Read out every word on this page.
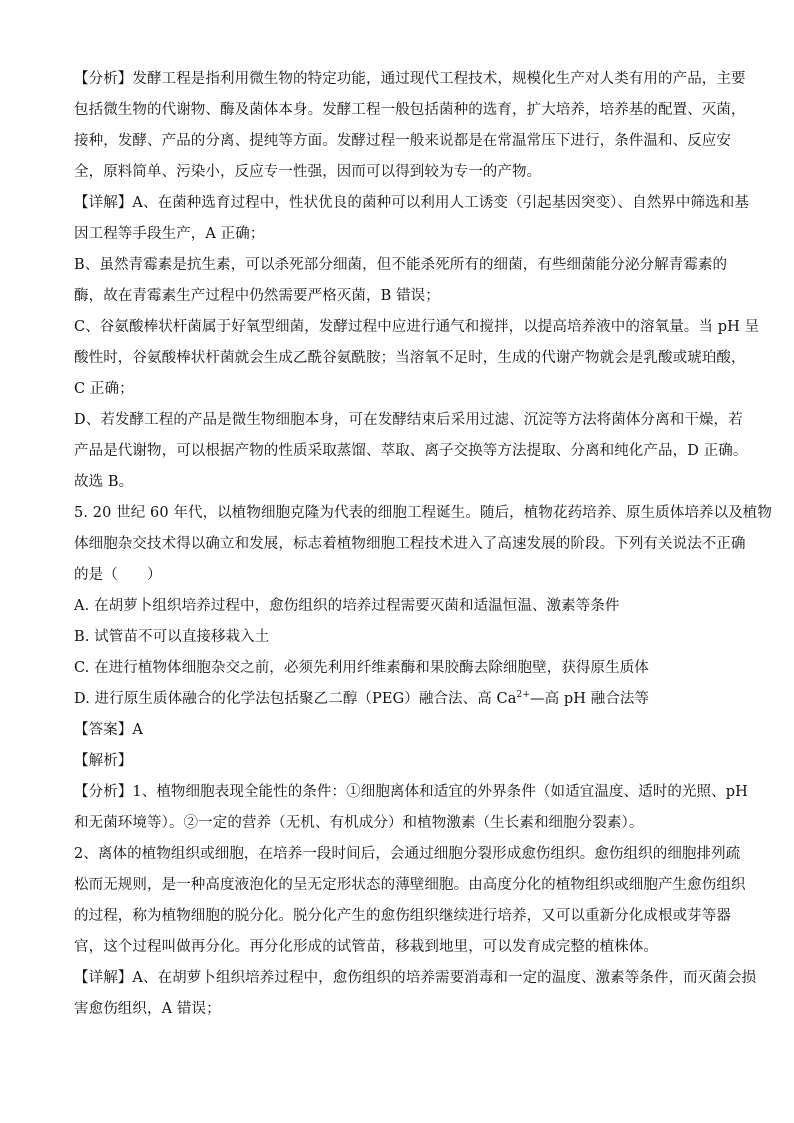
【分析】发酵工程是指利用微生物的特定功能，通过现代工程技术，规模化生产对人类有用的产品，主要
包括微生物的代谢物、酶及菌体本身。发酵工程一般包括菌种的选育，扩大培养，培养基的配置、灭菌，
接种，发酵、产品的分离、提纯等方面。发酵过程一般来说都是在常温常压下进行，条件温和、反应安
全，原料简单、污染小，反应专一性强，因而可以得到较为专一的产物。
【详解】A、在菌种选育过程中，性状优良的菌种可以利用人工诱变（引起基因突变）、自然界中筛选和基
因工程等手段生产，A 正确；
B、虽然青霉素是抗生素，可以杀死部分细菌，但不能杀死所有的细菌，有些细菌能分泌分解青霉素的
酶，故在青霉素生产过程中仍然需要严格灭菌，B 错误；
C、谷氨酸棒状杆菌属于好氧型细菌，发酵过程中应进行通气和搅拌，以提高培养液中的溶氧量。当 pH 呈
酸性时，谷氨酸棒状杆菌就会生成乙酰谷氨酰胺；当溶氧不足时，生成的代谢产物就会是乳酸或琥珀酸，
C 正确；
D、若发酵工程的产品是微生物细胞本身，可在发酵结束后采用过滤、沉淀等方法将菌体分离和干燥，若
产品是代谢物，可以根据产物的性质采取蒸馏、萃取、离子交换等方法提取、分离和纯化产品，D 正确。
故选 B。
5. 20 世纪 60 年代，以植物细胞克隆为代表的细胞工程诞生。随后，植物花药培养、原生质体培养以及植物
体细胞杂交技术得以确立和发展，标志着植物细胞工程技术进入了高速发展的阶段。下列有关说法不正确
的是（　　）
A. 在胡萝卜组织培养过程中，愈伤组织的培养过程需要灭菌和适温恒温、激素等条件
B. 试管苗不可以直接移栽入土
C. 在进行植物体细胞杂交之前，必须先利用纤维素酶和果胶酶去除细胞壁，获得原生质体
D. 进行原生质体融合的化学法包括聚乙二醇（PEG）融合法、高 $Ca^{2+}—$高 pH 融合法等
【答案】A
【解析】
【分析】1、植物细胞表现全能性的条件：①细胞离体和适宜的外界条件（如适宜温度、适时的光照、pH
和无菌环境等）。②一定的营养（无机、有机成分）和植物激素（生长素和细胞分裂素）。
2、离体的植物组织或细胞，在培养一段时间后，会通过细胞分裂形成愈伤组织。愈伤组织的细胞排列疏
松而无规则，是一种高度液泡化的呈无定形状态的薄壁细胞。由高度分化的植物组织或细胞产生愈伤组织
的过程，称为植物细胞的脱分化。脱分化产生的愈伤组织继续进行培养，又可以重新分化成根或芽等器
官，这个过程叫做再分化。再分化形成的试管苗，移栽到地里，可以发育成完整的植株体。
【详解】A、在胡萝卜组织培养过程中，愈伤组织的培养需要消毒和一定的温度、激素等条件，而灭菌会损
害愈伤组织，A 错误；
